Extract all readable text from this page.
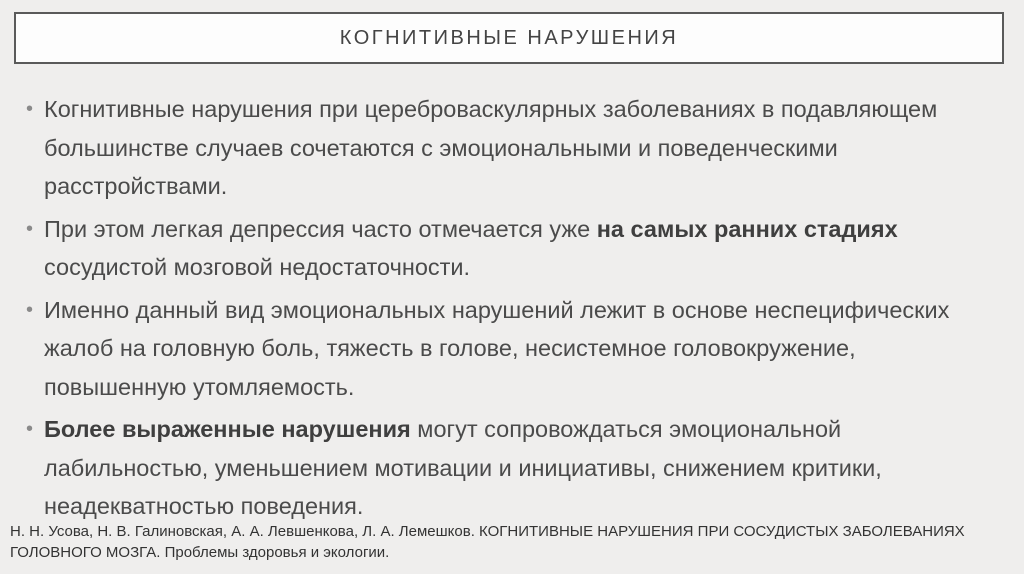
КОГНИТИВНЫЕ НАРУШЕНИЯ
• Когнитивные нарушения при цереброваскулярных заболеваниях в подавляющем большинстве случаев сочетаются с эмоциональными и поведенческими расстройствами.
• При этом легкая депрессия часто отмечается уже на самых ранних стадиях сосудистой мозговой недостаточности.
• Именно данный вид эмоциональных нарушений лежит в основе неспецифических жалоб на головную боль, тяжесть в голове, несистемное головокружение, повышенную утомляемость.
• Более выраженные нарушения могут сопровождаться эмоциональной лабильностью, уменьшением мотивации и инициативы, снижением критики, неадекватностью поведения.
Н. Н. Усова, Н. В. Галиновская, А. А. Левшенкова, Л. А. Лемешков. КОГНИТИВНЫЕ НАРУШЕНИЯ ПРИ СОСУДИСТЫХ ЗАБОЛЕВАНИЯХ ГОЛОВНОГО МОЗГА. Проблемы здоровья и экологии.
